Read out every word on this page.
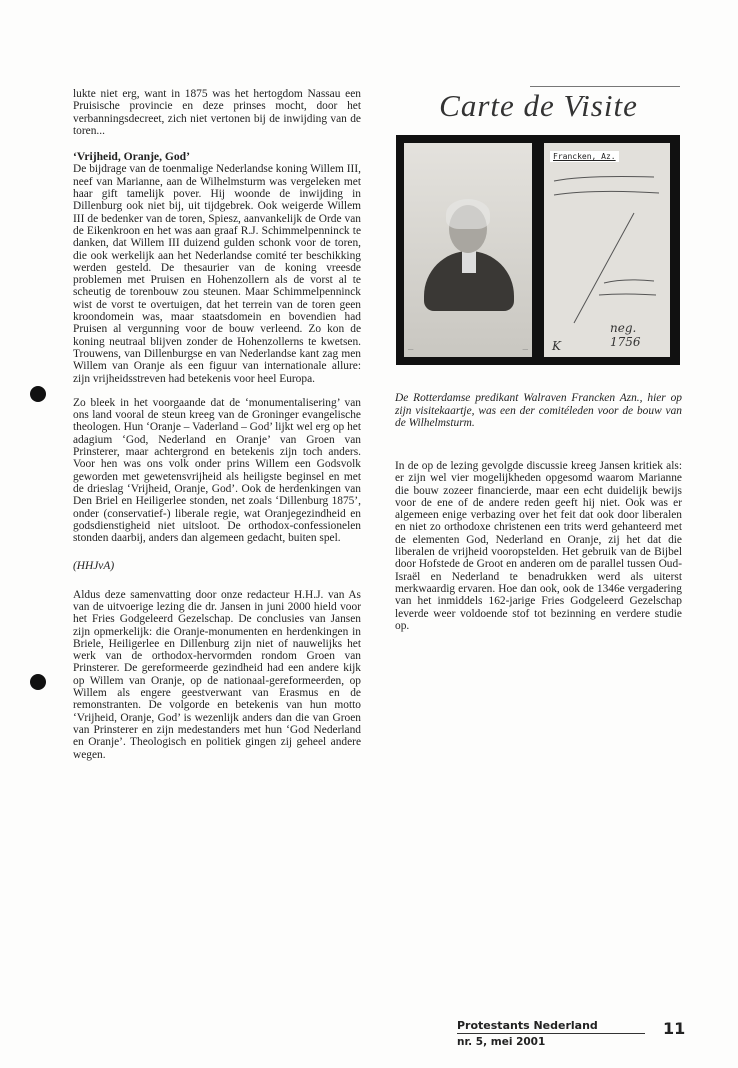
lukte niet erg, want in 1875 was het hertogdom Nassau een Pruisische provincie en deze prinses mocht, door het verbanningsdecreet, zich niet vertonen bij de inwijding van de toren...

‘Vrijheid, Oranje, God’

De bijdrage van de toenmalige Nederlandse koning Willem III, neef van Marianne, aan de Wilhelmsturm was vergeleken met haar gift tamelijk pover. Hij woonde de inwijding in Dillenburg ook niet bij, uit tijdgebrek. Ook weigerde Willem III de bedenker van de toren, Spiesz, aanvankelijk de Orde van de Eikenkroon en het was aan graaf R.J. Schimmelpenninck te danken, dat Willem III duizend gulden schonk voor de toren, die ook werkelijk aan het Nederlandse comité ter beschikking werden gesteld. De thesaurier van de koning vreesde problemen met Pruisen en Hohenzollern als de vorst al te scheutig de torenbouw zou steunen. Maar Schimmelpenninck wist de vorst te overtuigen, dat het terrein van de toren geen kroondomein was, maar staatsdomein en bovendien had Pruisen al vergunning voor de bouw verleend. Zo kon de koning neutraal blijven zonder de Hohenzollerns te kwetsen. Trouwens, van Dillenburgse en van Nederlandse kant zag men Willem van Oranje als een figuur van internationale allure: zijn vrijheidsstreven had betekenis voor heel Europa.

Zo bleek in het voorgaande dat de ‘monumentalisering’ van ons land vooral de steun kreeg van de Groninger evangelische theologen. Hun ‘Oranje – Vaderland – God’ lijkt wel erg op het adagium ‘God, Nederland en Oranje’ van Groen van Prinsterer, maar achtergrond en betekenis zijn toch anders. Voor hen was ons volk onder prins Willem een Godsvolk geworden met gewetensvrijheid als heiligste beginsel en met de drieslag ‘Vrijheid, Oranje, God’. Ook de herdenkingen van Den Briel en Heiligerlee stonden, net zoals ‘Dillenburg 1875’, onder (conservatief-) liberale regie, wat Oranjegezindheid en godsdienstigheid niet uitsloot. De orthodox-confessionelen stonden daarbij, anders dan algemeen gedacht, buiten spel.

(HHJvA)

Aldus deze samenvatting door onze redacteur H.H.J. van As van de uitvoerige lezing die dr. Jansen in juni 2000 hield voor het Fries Godgeleerd Gezelschap. De conclusies van Jansen zijn opmerkelijk: die Oranje-monumenten en herdenkingen in Briele, Heiligerlee en Dillenburg zijn niet of nauwelijks het werk van de orthodox-hervormden rondom Groen van Prinsterer. De gereformeerde gezindheid had een andere kijk op Willem van Oranje, op de nationaal-gereformeerden, op Willem als engere geestverwant van Erasmus en de remonstranten. De volgorde en betekenis van hun motto ‘Vrijheid, Oranje, God’ is wezenlijk anders dan die van Groen van Prinsterer en zijn medestanders met hun ‘God Nederland en Oranje’. Theologisch en politiek gingen zij geheel andere wegen.

Carte de Visite
—	—
Francken, Az.
neg. 1756
K
De Rotterdamse predikant Walraven Francken Azn., hier op zijn visitekaartje, was een der comitéleden voor de bouw van de Wilhelmsturm.

In de op de lezing gevolgde discussie kreeg Jansen kritiek als: er zijn wel vier mogelijkheden opgesomd waarom Marianne die bouw zozeer financierde, maar een echt duidelijk bewijs voor de ene of de andere reden geeft hij niet. Ook was er algemeen enige verbazing over het feit dat ook door liberalen en niet zo orthodoxe christenen een trits werd gehanteerd met de elementen God, Nederland en Oranje, zij het dat die liberalen de vrijheid vooropstelden. Het gebruik van de Bijbel door Hofstede de Groot en anderen om de parallel tussen Oud-Israël en Nederland te benadrukken werd als uiterst merkwaardig ervaren. Hoe dan ook, ook de 1346e vergadering van het inmiddels 162-jarige Fries Godgeleerd Gezelschap leverde weer voldoende stof tot bezinning en verdere studie op.

Protestants Nederland
nr. 5, mei 2001
11
